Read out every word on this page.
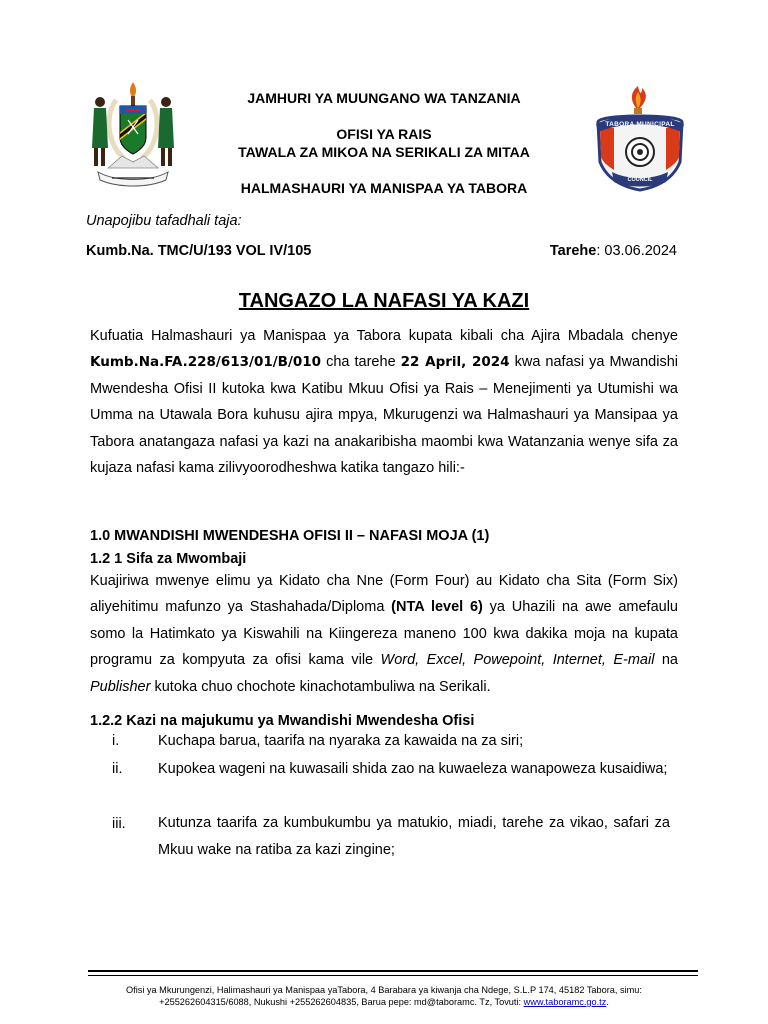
TABORA MUNICIPAL
COUNCIL
JAMHURI YA MUUNGANO WA TANZANIA
OFISI YA RAIS
TAWALA ZA MIKOA NA SERIKALI ZA MITAA
HALMASHAURI YA MANISPAA YA TABORA
Unapojibu tafadhali taja:
Kumb.Na. TMC/U/193 VOL IV/105	Tarehe: 03.06.2024
TANGAZO LA NAFASI YA KAZI

Kufuatia Halmashauri ya Manispaa ya Tabora kupata kibali cha Ajira Mbadala chenye Kumb.Na.FA.228/613/01/B/010 cha tarehe 22 April, 2024 kwa nafasi ya Mwandishi Mwendesha Ofisi II kutoka kwa Katibu Mkuu Ofisi ya Rais – Menejimenti ya Utumishi wa Umma na Utawala Bora kuhusu ajira mpya, Mkurugenzi wa Halmashauri ya Mansipaa ya Tabora anatangaza nafasi ya kazi na anakaribisha maombi kwa Watanzania wenye sifa za kujaza nafasi kama zilivyoorodheshwa katika tangazo hili:-

1.0 MWANDISHI MWENDESHA OFISI II – NAFASI MOJA (1)
1.2 1 Sifa za Mwombaji

Kuajiriwa mwenye elimu ya Kidato cha Nne (Form Four) au Kidato cha Sita (Form Six) aliyehitimu mafunzo ya Stashahada/Diploma (NTA level 6) ya Uhazili na awe amefaulu somo la Hatimkato ya Kiswahili na Kiingereza maneno 100 kwa dakika moja na kupata programu za kompyuta za ofisi kama vile Word, Excel, Powepoint, Internet, E-mail na Publisher kutoka chuo chochote kinachotambuliwa na Serikali.

1.2.2 Kazi na majukumu ya Mwandishi Mwendesha Ofisi
i.	Kuchapa barua, taarifa na nyaraka za kawaida na za siri;
ii. Kupokea wageni na kuwasaili shida zao na kuwaeleza wanapoweza kusaidiwa;
iii. Kutunza taarifa za kumbukumbu ya matukio, miadi, tarehe za vikao, safari za Mkuu wake na ratiba za kazi zingine;
Ofisi ya Mkurungenzi, Halimashauri ya Manispaa yaTabora, 4 Barabara ya kiwanja cha Ndege, S.L.P 174, 45182 Tabora, simu:
+255262604315/6088, Nukushi +255262604835, Barua pepe: md@taboramc. Tz, Tovuti: www.taboramc.go.tz.
